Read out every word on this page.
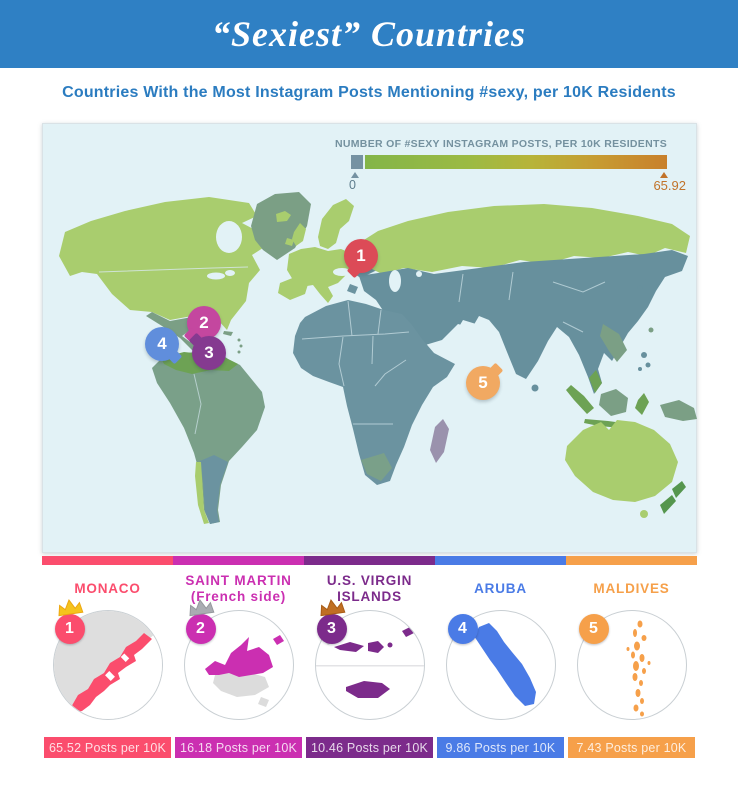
“Sexiest” Countries
Countries With the Most Instagram Posts Mentioning #sexy, per 10K Residents
NUMBER OF #SEXY INSTAGRAM POSTS, PER 10K RESIDENTS
0	65.92
1
2
3
4
5
MONACO
1
SAINT MARTIN
(French side)
2
U.S. VIRGIN
ISLANDS
3
ARUBA
4
MALDIVES
5
65.52 Posts per 10K	16.18 Posts per 10K	10.46 Posts per 10K	9.86 Posts per 10K	7.43 Posts per 10K
